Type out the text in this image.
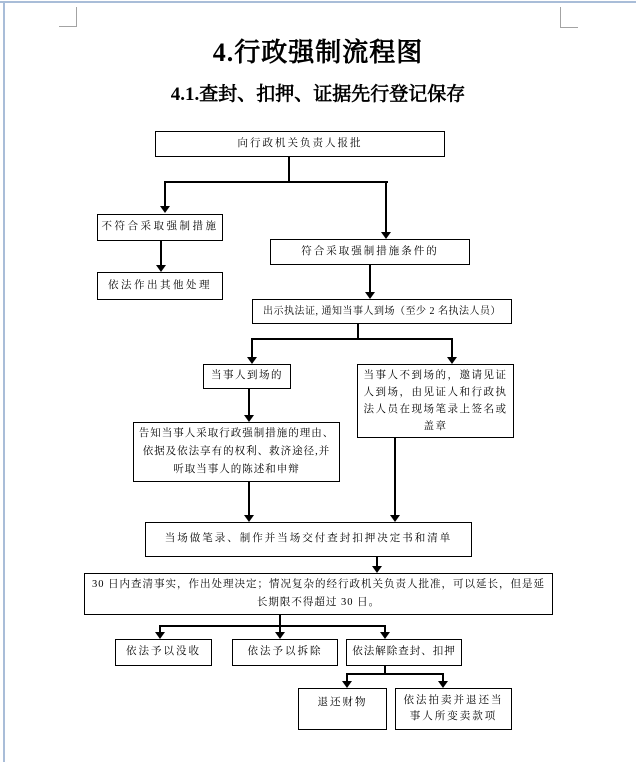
4.行政强制流程图
4.1.查封、扣押、证据先行登记保存
向行政机关负责人报批
不符合采取强制措施
符合采取强制措施条件的
依法作出其他处理
出示执法证, 通知当事人到场（至少 2 名执法人员）
当事人到场的	当事人不到场的，邀请见证人到场，由见证人和行政执法人员在现场笔录上签名或盖章
告知当事人采取行政强制措施的理由、依据及依法享有的权利、救济途径,并听取当事人的陈述和申辩
当场做笔录、制作并当场交付查封扣押决定书和清单
30 日内查清事实，作出处理决定；情况复杂的经行政机关负责人批准，可以延长，但是延长期限不得超过 30 日。
依法予以没收	依法予以拆除	依法解除查封、扣押
退还财物	依法拍卖并退还当事人所变卖款项
